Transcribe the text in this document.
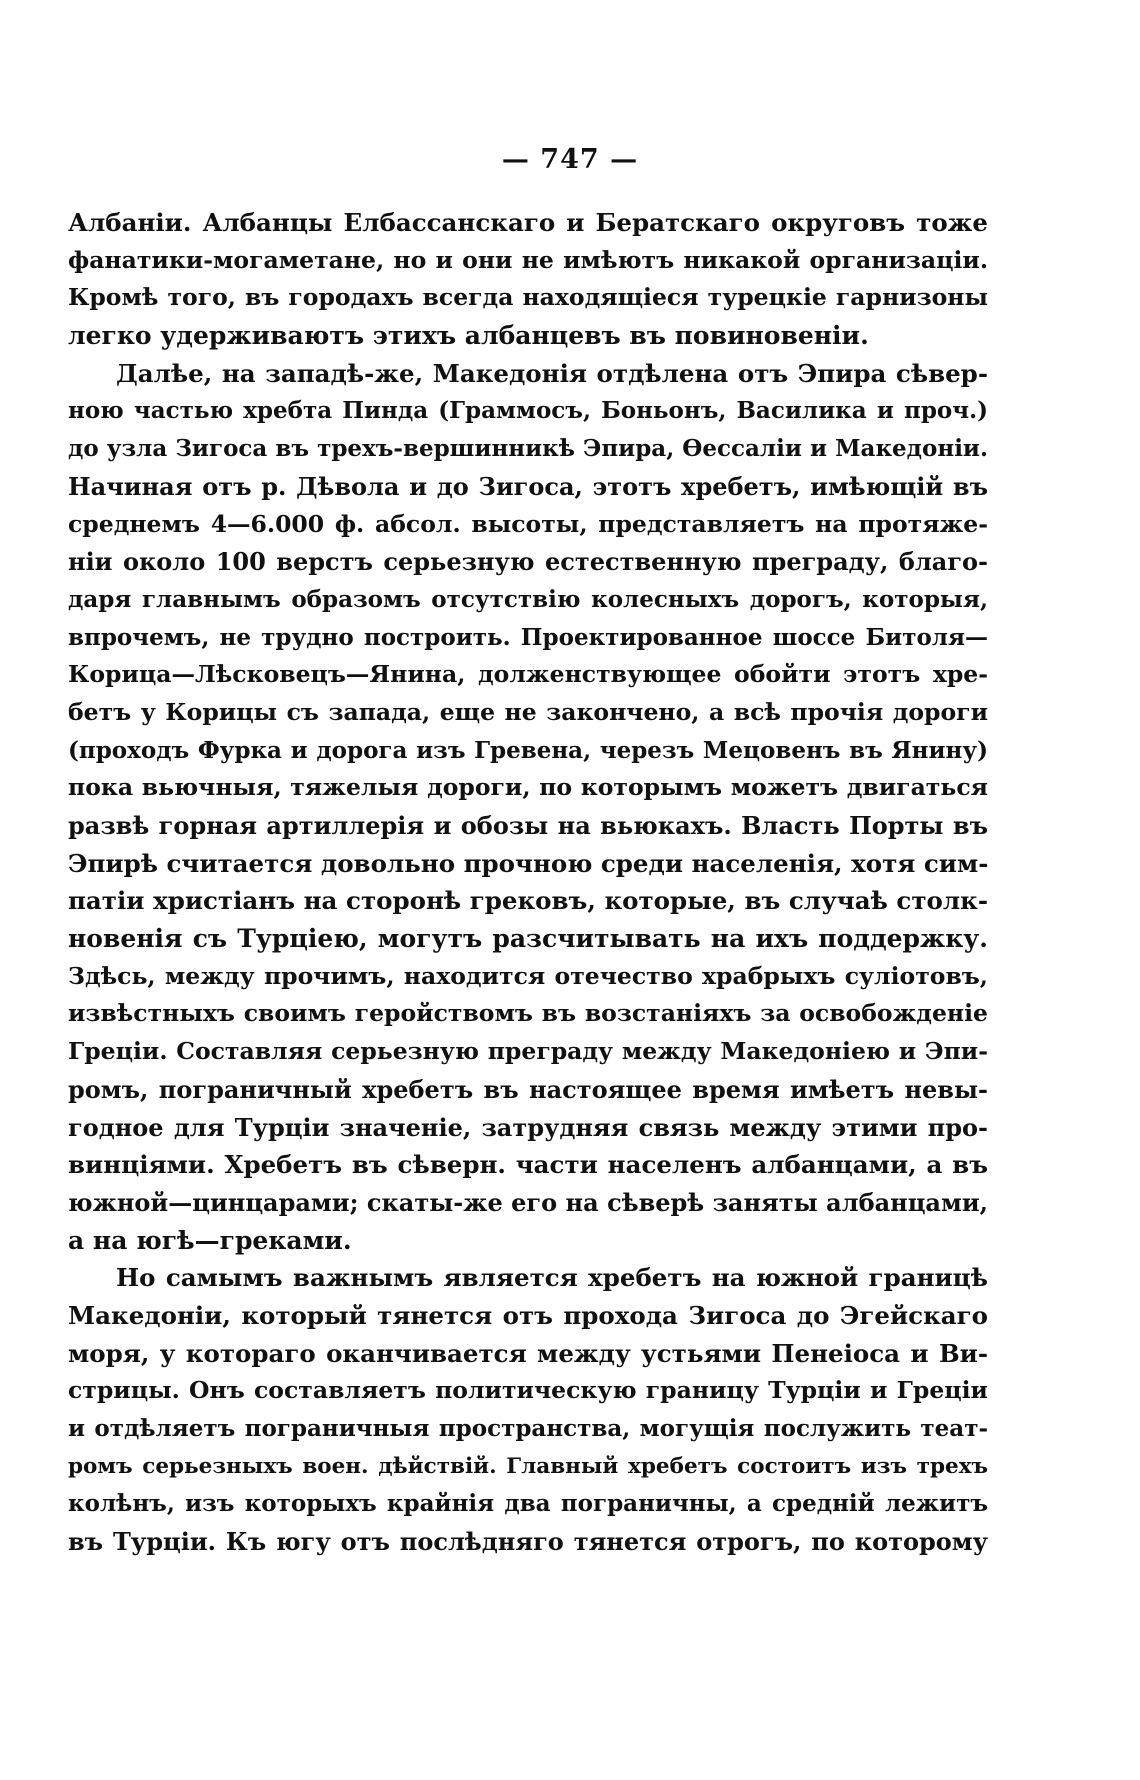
— 747 —
Албаніи. Албанцы Елбассанскаго и Бератскаго округовъ тоже
фанатики-могаметане, но и они не имѣютъ никакой организаціи.
Кромѣ того, въ городахъ всегда находящіеся турецкіе гарнизоны
легко удерживаютъ этихъ албанцевъ въ повиновеніи.
Далѣе, на западѣ-же, Македонія отдѣлена отъ Эпира сѣвер-
ною частью хребта Пинда (Граммосъ, Боньонъ, Василика и проч.)
до узла Зигоса въ трехъ-вершинникѣ Эпира, Ѳессаліи и Македоніи.
Начиная отъ р. Дѣвола и до Зигоса, этотъ хребетъ, имѣющій въ
среднемъ 4—6.000 ф. абсол. высоты, представляетъ на протяже-
ніи около 100 верстъ серьезную естественную преграду, благо-
даря главнымъ образомъ отсутствію колесныхъ дорогъ, которыя,
впрочемъ, не трудно построить. Проектированное шоссе Битоля—
Корица—Лѣсковецъ—Янина, долженствующее обойти этотъ хре-
бетъ у Корицы съ запада, еще не закончено, а всѣ прочія дороги
(проходъ Фурка и дорога изъ Гревена, черезъ Мецовенъ въ Янину)
пока вьючныя, тяжелыя дороги, по которымъ можетъ двигаться
развѣ горная артиллерія и обозы на вьюкахъ. Власть Порты въ
Эпирѣ считается довольно прочною среди населенія, хотя сим-
патіи христіанъ на сторонѣ грековъ, которые, въ случаѣ столк-
новенія съ Турціею, могутъ разсчитывать на ихъ поддержку.
Здѣсь, между прочимъ, находится отечество храбрыхъ суліотовъ,
извѣстныхъ своимъ геройствомъ въ возстаніяхъ за освобожденіе
Греціи. Составляя серьезную преграду между Македоніею и Эпи-
ромъ, пограничный хребетъ въ настоящее время имѣетъ невы-
годное для Турціи значеніе, затрудняя связь между этими про-
винціями. Хребетъ въ сѣверн. части населенъ албанцами, а въ
южной—цинцарами; скаты-же его на сѣверѣ заняты албанцами,
а на югѣ—греками.
Но самымъ важнымъ является хребетъ на южной границѣ
Македоніи, который тянется отъ прохода Зигоса до Эгейскаго
моря, у котораго оканчивается между устьями Пенеіоса и Ви-
стрицы. Онъ составляетъ политическую границу Турціи и Греціи
и отдѣляетъ пограничныя пространства, могущія послужить теат-
ромъ серьезныхъ воен. дѣйствій. Главный хребетъ состоитъ изъ трехъ
колѣнъ, изъ которыхъ крайнія два пограничны, а средній лежитъ
въ Турціи. Къ югу отъ послѣдняго тянется отрогъ, по которому
